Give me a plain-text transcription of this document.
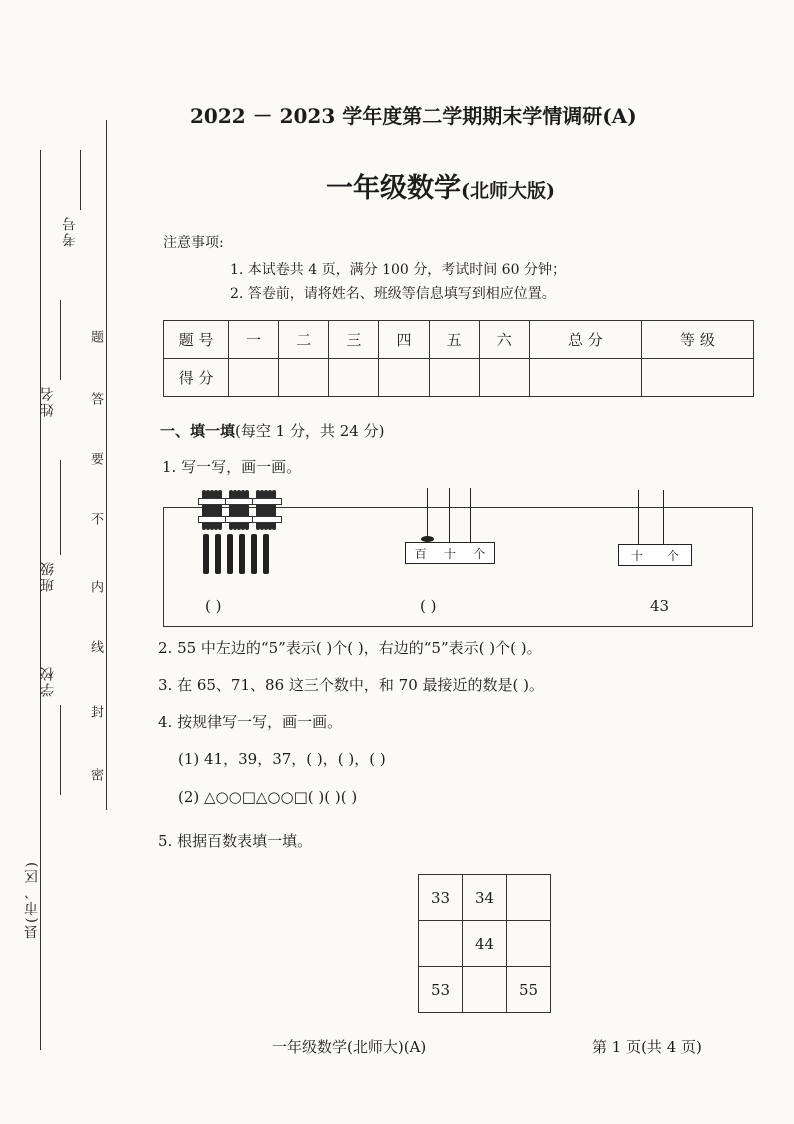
考号
姓名
班级
学校
县(市、区)
题
答
要
不
内
线
封
密
2022 － 2023 学年度第二学期期末学情调研(A)
一年级数学(北师大版)
注意事项:
1. 本试卷共 4 页，满分 100 分，考试时间 60 分钟；
2. 答卷前，请将姓名、班级等信息填写到相应位置。
题 号	一	二	三	四	五	六	总 分	等 级
得 分								
一、填一填(每空 1 分，共 24 分)
1. 写一写，画一画。
( )
百 十 个
( )
十 个
43
2. 55 中左边的“5”表示( )个( )，右边的“5”表示( )个( )。
3. 在 65、71、86 这三个数中，和 70 最接近的数是( )。
4. 按规律写一写，画一画。
(1) 41，39，37，( )，( )，( )
(2) △○○□△○○□( )( )( )
5. 根据百数表填一填。
33	34	
	44	
53		55
一年级数学(北师大)(A)	第 1 页(共 4 页)
